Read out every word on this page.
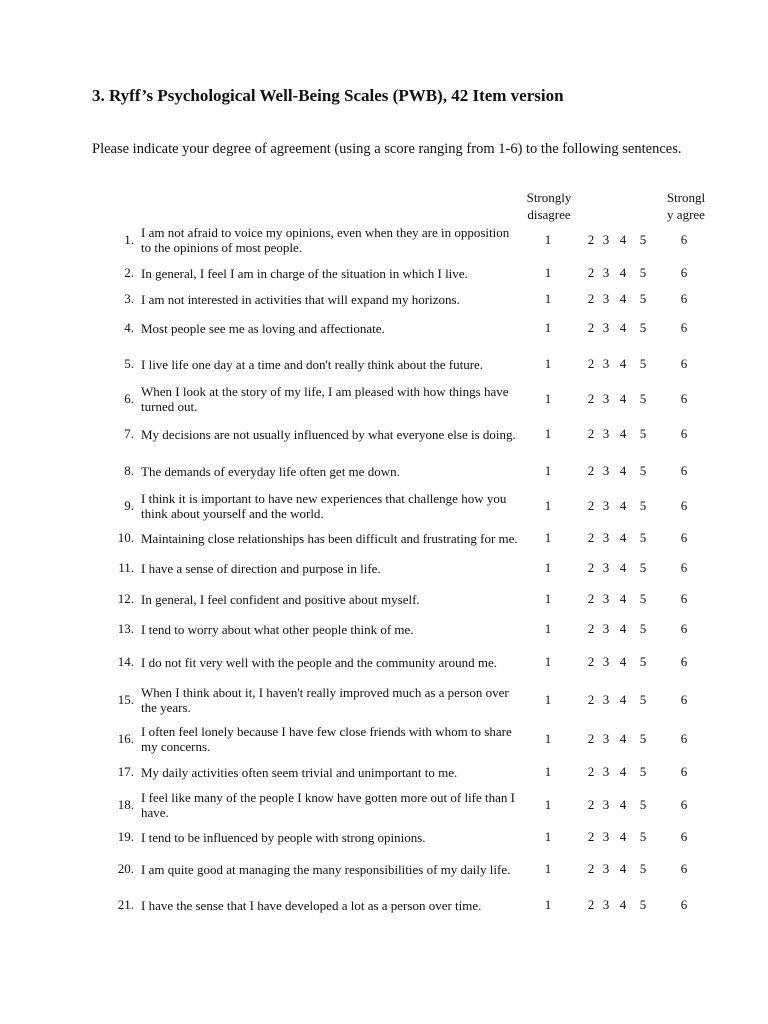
3. Ryff’s Psychological Well-Being Scales (PWB), 42 Item version
Please indicate your degree of agreement (using a score ranging from 1-6) to the following sentences.
Strongly
disagree
Strongl
y agree
1. I am not afraid to voice my opinions, even when they are in opposition to the opinions of most people.
1	2 3 4	5	6
2. In general, I feel I am in charge of the situation in which I live.	1	2 3 4	5	6
3. I am not interested in activities that will expand my horizons.	1	2 3 4	5	6
4. Most people see me as loving and affectionate.	1	2 3 4	5	6
5. I live life one day at a time and don't really think about the future.	1	2 3 4	5	6
6. When I look at the story of my life, I am pleased with how things have turned out.
1	2 3 4	5	6
7. My decisions are not usually influenced by what everyone else is doing.	1	2 3 4	5	6
8. The demands of everyday life often get me down.	1	2 3 4	5	6
9. I think it is important to have new experiences that challenge how you think about yourself and the world.
1	2 3 4	5	6
10. Maintaining close relationships has been difficult and frustrating for me.	1	2 3 4	5	6
11. I have a sense of direction and purpose in life.	1	2 3 4	5	6
12. In general, I feel confident and positive about myself.	1	2 3 4	5	6
13. I tend to worry about what other people think of me.	1	2 3 4	5	6
14. I do not fit very well with the people and the community around me.	1	2 3 4	5	6
15. When I think about it, I haven't really improved much as a person over the years.
1	2 3 4	5	6
16. I often feel lonely because I have few close friends with whom to share my concerns.
1	2 3 4	5	6
17. My daily activities often seem trivial and unimportant to me.	1	2 3 4	5	6
18. I feel like many of the people I know have gotten more out of life than I have.
1	2 3 4	5	6
19. I tend to be influenced by people with strong opinions.	1	2 3 4	5	6
20. I am quite good at managing the many responsibilities of my daily life.	1	2 3 4	5	6
21. I have the sense that I have developed a lot as a person over time.	1	2 3 4	5	6
